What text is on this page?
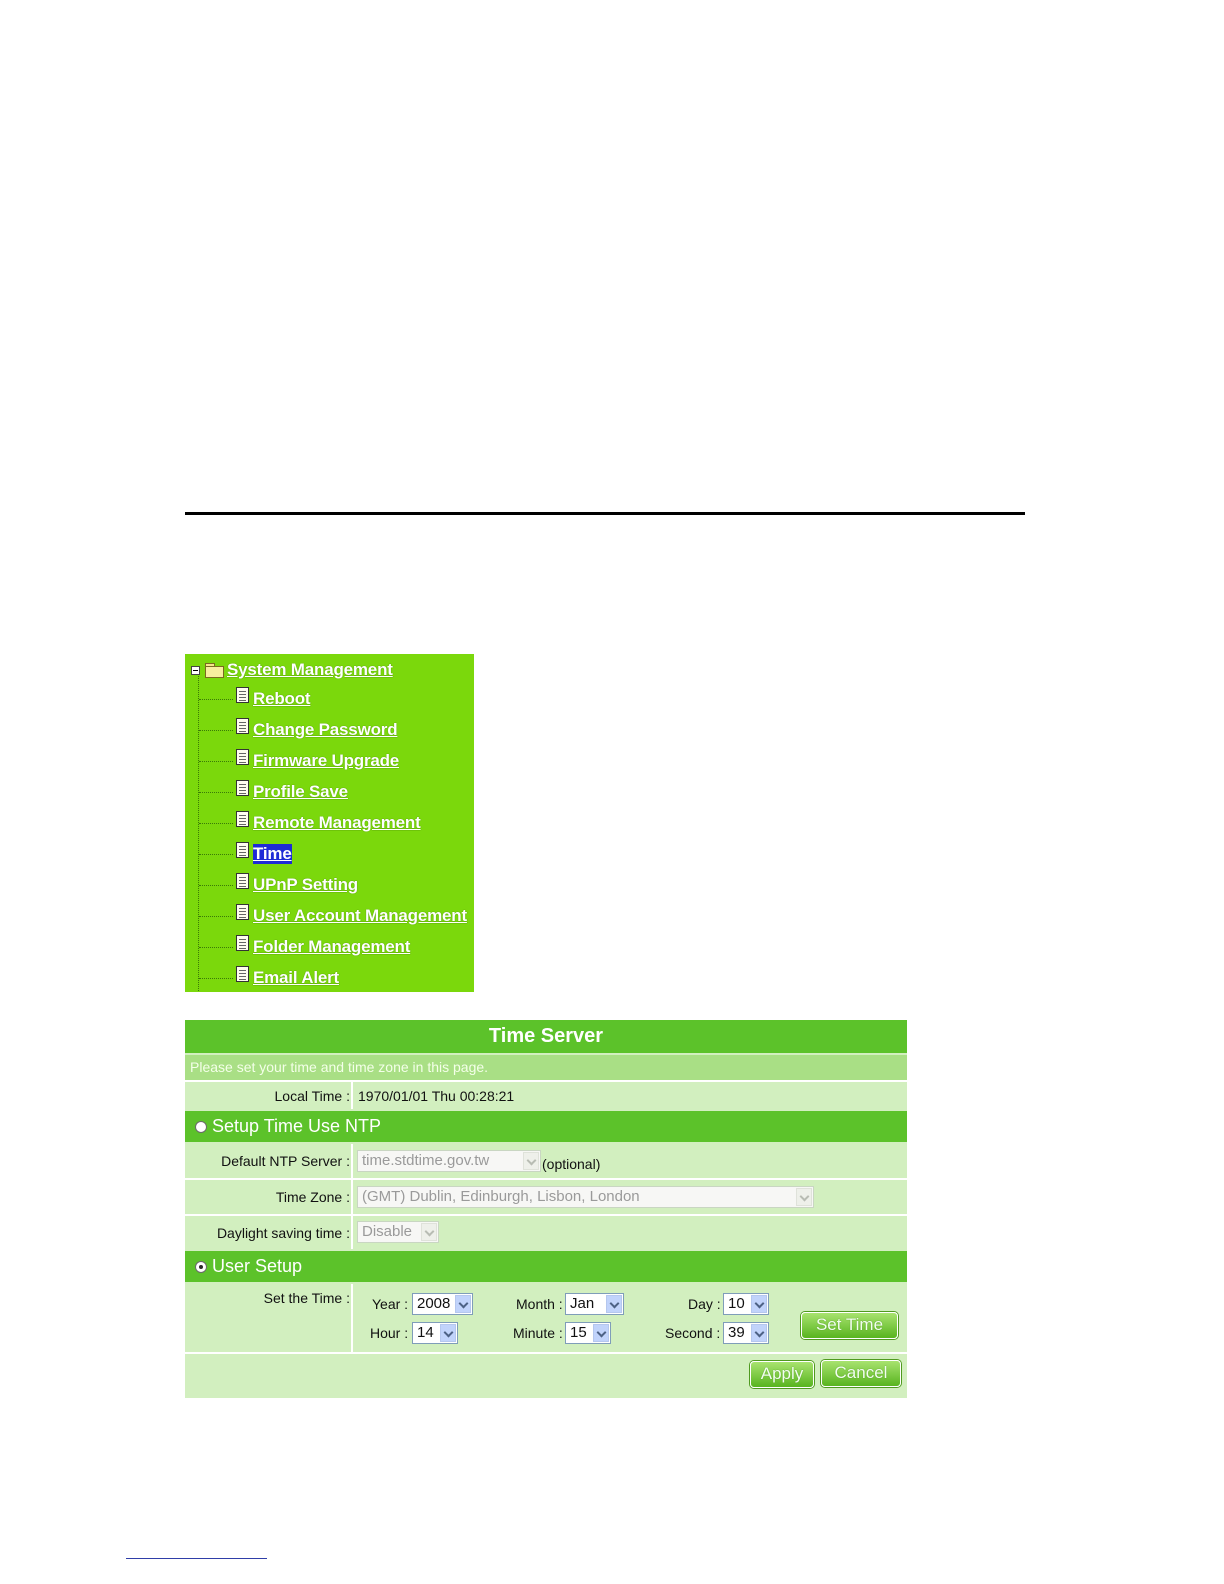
System Management
Reboot
Change Password
Firmware Upgrade
Profile Save
Remote Management
Time
UPnP Setting
User Account Management
Folder Management
Email Alert
Time Server
Please set your time and time zone in this page.
Local Time : 1970/01/01 Thu 00:28:21
Setup Time Use NTP
Default NTP Server : time.stdtime.gov.tw	(optional)
Time Zone : (GMT) Dublin, Edinburgh, Lisbon, London
Daylight saving time : Disable
User Setup
Set the Time : Year : 2008	Month : Jan	Day : 10
Hour : 14	Minute : 15	Second : 39	Set Time
Apply	Cancel
